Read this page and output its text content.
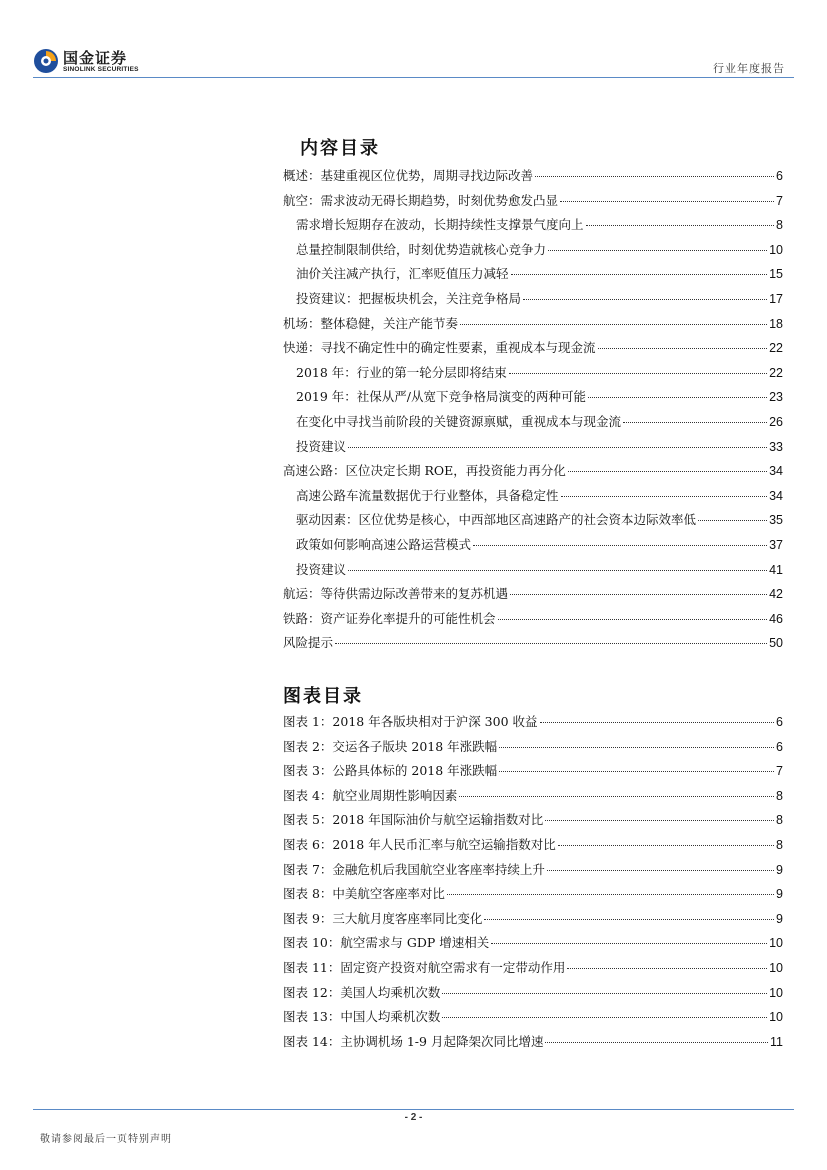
国金证券
SINOLINK SECURITIES	行业年度报告
内容目录
概述：基建重视区位优势，周期寻找边际改善	6
航空：需求波动无碍长期趋势，时刻优势愈发凸显	7
需求增长短期存在波动，长期持续性支撑景气度向上	8
总量控制限制供给，时刻优势造就核心竞争力	10
油价关注减产执行，汇率贬值压力减轻	15
投资建议：把握板块机会，关注竞争格局	17
机场：整体稳健，关注产能节奏	18
快递：寻找不确定性中的确定性要素，重视成本与现金流	22
2018 年：行业的第一轮分层即将结束	22
2019 年：社保从严/从宽下竞争格局演变的两种可能	23
在变化中寻找当前阶段的关键资源禀赋，重视成本与现金流	26
投资建议	33
高速公路：区位决定长期 ROE，再投资能力再分化	34
高速公路车流量数据优于行业整体，具备稳定性	34
驱动因素：区位优势是核心，中西部地区高速路产的社会资本边际效率低	35
政策如何影响高速公路运营模式	37
投资建议	41
航运：等待供需边际改善带来的复苏机遇	42
铁路：资产证券化率提升的可能性机会	46
风险提示	50
图表目录
图表 1：2018 年各版块相对于沪深 300 收益	6
图表 2：交运各子版块 2018 年涨跌幅	6
图表 3：公路具体标的 2018 年涨跌幅	7
图表 4：航空业周期性影响因素	8
图表 5：2018 年国际油价与航空运输指数对比	8
图表 6：2018 年人民币汇率与航空运输指数对比	8
图表 7：金融危机后我国航空业客座率持续上升	9
图表 8：中美航空客座率对比	9
图表 9：三大航月度客座率同比变化	9
图表 10：航空需求与 GDP 增速相关	10
图表 11：固定资产投资对航空需求有一定带动作用	10
图表 12：美国人均乘机次数	10
图表 13：中国人均乘机次数	10
图表 14：主协调机场 1-9 月起降架次同比增速	11
- 2 -
敬请参阅最后一页特别声明
